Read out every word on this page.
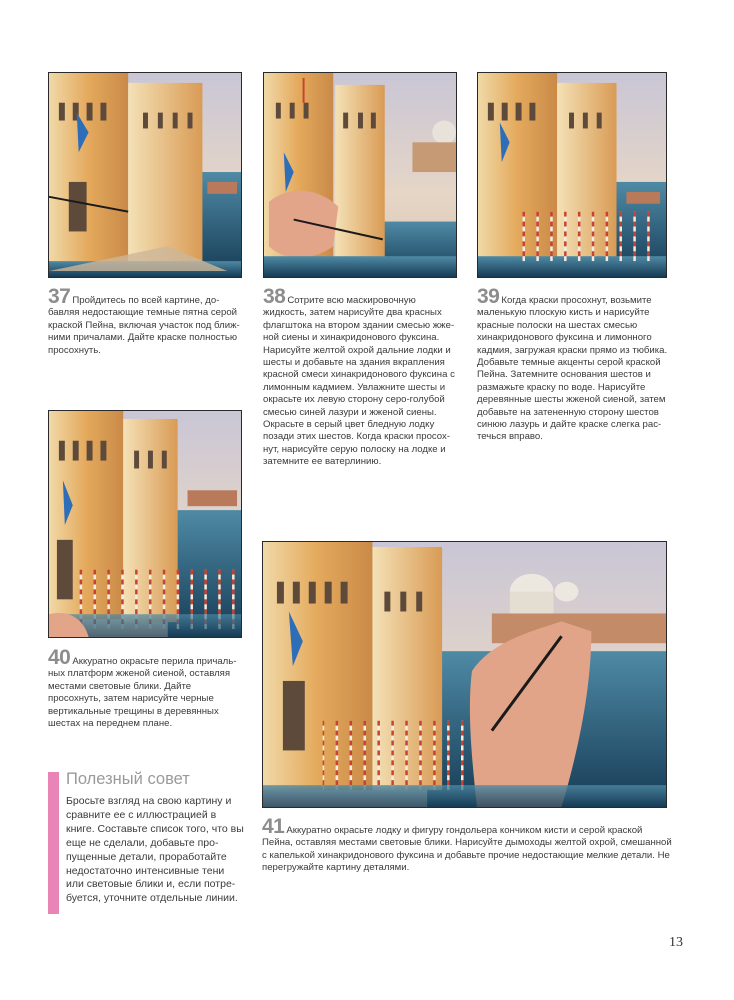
37 Пройдитесь по всей картине, добавляя недостающие темные пятна серой краской Пейна, включая участок под ближними причалами. Дайте краске полностью просохнуть.
38 Сотрите всю маскировочную жидкость, затем нарисуйте два красных флагштока на втором здании смесью жженой сиены и хинакридонового фуксина. Нарисуйте желтой охрой дальние лодки и шесты и добавьте на здания вкрапления красной смеси хинакридонового фуксина с лимонным кадмием. Увлажните шесты и окрасьте их левую сторону серо-голубой смесью синей лазури и жженой сиены. Окрасьте в серый цвет бледную лодку позади этих шестов. Когда краски просохнут, нарисуйте серую полоску на лодке и затемните ее ватерлинию.
39 Когда краски просохнут, возьмите маленькую плоскую кисть и нарисуйте красные полоски на шестах смесью хинакридонового фуксина и лимонного кадмия, загружая краски прямо из тюбика. Добавьте темные акценты серой краской Пейна. Затемните основания шестов и размажьте краску по воде. Нарисуйте деревянные шесты жженой сиеной, затем добавьте на затененную сторону шестов синюю лазурь и дайте краске слегка растечься вправо.
40 Аккуратно окрасьте перила причальных платформ жженой сиеной, оставляя местами световые блики. Дайте просохнуть, затем нарисуйте черные вертикальные трещины в деревянных шестах на переднем плане.
41 Аккуратно окрасьте лодку и фигуру гондольера кончиком кисти и серой краской Пейна, оставляя местами световые блики. Нарисуйте дымоходы желтой охрой, смешанной с капелькой хинакридонового фуксина и добавьте прочие недостающие мелкие детали. Не перегружайте картину деталями.
Полезный совет
Бросьте взгляд на свою картину и сравните ее с иллюстрацией в книге. Составьте список того, что вы еще не сделали, добавьте пропущенные детали, проработайте недостаточно интенсивные тени или световые блики и, если потребуется, уточните отдельные линии.
13
